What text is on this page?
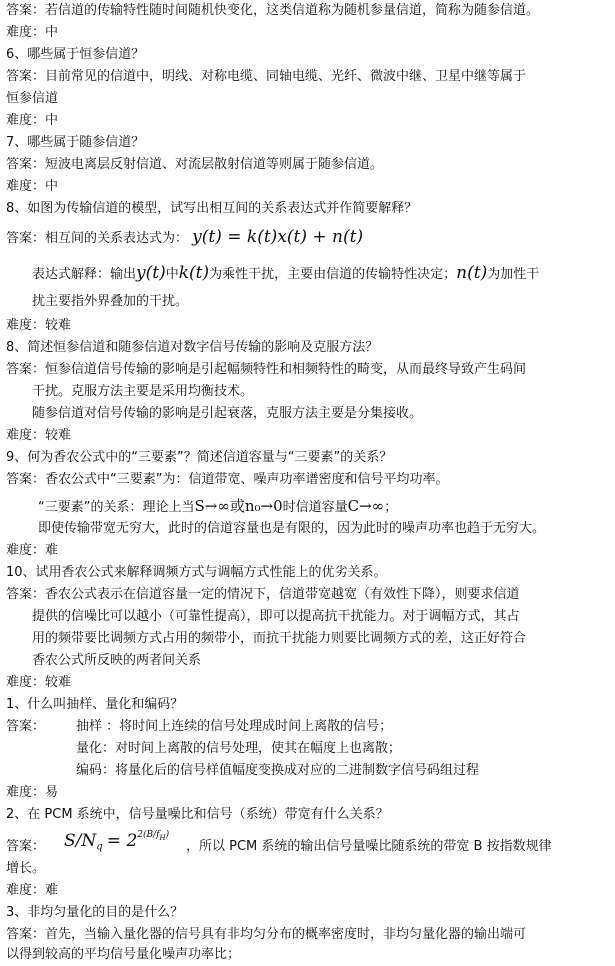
答案：若信道的传输特性随时间随机快变化，这类信道称为随机参量信道，简称为随参信道。
难度：中
6、哪些属于恒参信道？
答案：目前常见的信道中，明线、对称电缆、同轴电缆、光纤、微波中继、卫星中继等属于
恒参信道
难度：中
7、哪些属于随参信道？
答案：短波电离层反射信道、对流层散射信道等则属于随参信道。
难度：中
8、如图为传输信道的模型，试写出相互间的关系表达式并作简要解释？
答案：相互间的关系表达式为： y(t) = k(t)x(t) + n(t)
表达式解释：输出y(t)中k(t)为乘性干扰，主要由信道的传输特性决定；n(t)为加性干
扰主要指外界叠加的干扰。
难度：较难
8、简述恒参信道和随参信道对数字信号传输的影响及克服方法？
答案：恒参信道信号传输的影响是引起幅频特性和相频特性的畸变，从而最终导致产生码间
干扰。克服方法主要是采用均衡技术。
随参信道对信号传输的影响是引起衰落，克服方法主要是分集接收。
难度：较难
9、何为香农公式中的“三要素”？简述信道容量与“三要素”的关系？
答案：香农公式中“三要素”为：信道带宽、噪声功率谱密度和信号平均功率。
“三要素”的关系：理论上当S→∞或n₀→0时信道容量C→∞；
即使传输带宽无穷大，此时的信道容量也是有限的，因为此时的噪声功率也趋于无穷大。
难度：难
10、试用香农公式来解释调频方式与调幅方式性能上的优劣关系。
答案：香农公式表示在信道容量一定的情况下，信道带宽越宽（有效性下降），则要求信道
提供的信噪比可以越小（可靠性提高），即可以提高抗干扰能力。对于调幅方式，其占
用的频带要比调频方式占用的频带小，而抗干扰能力则要比调频方式的差，这正好符合
香农公式所反映的两者间关系
难度：较难
1、什么叫抽样、量化和编码？
答案： 抽样 ：将时间上连续的信号处理成时间上离散的信号；
量化：对时间上离散的信号处理，使其在幅度上也离散；
编码：将量化后的信号样值幅度变换成对应的二进制数字信号码组过程
难度：易
2、在 PCM 系统中，信号量噪比和信号（系统）带宽有什么关系？
答案： $S/N_q = 2^{2(B/f_H)}$
，所以 PCM 系统的输出信号量噪比随系统的带宽 B 按指数规律
增长。
难度：难
3、非均匀量化的目的是什么？
答案：首先，当输入量化器的信号具有非均匀分布的概率密度时，非均匀量化器的输出端可
以得到较高的平均信号量化噪声功率比；
